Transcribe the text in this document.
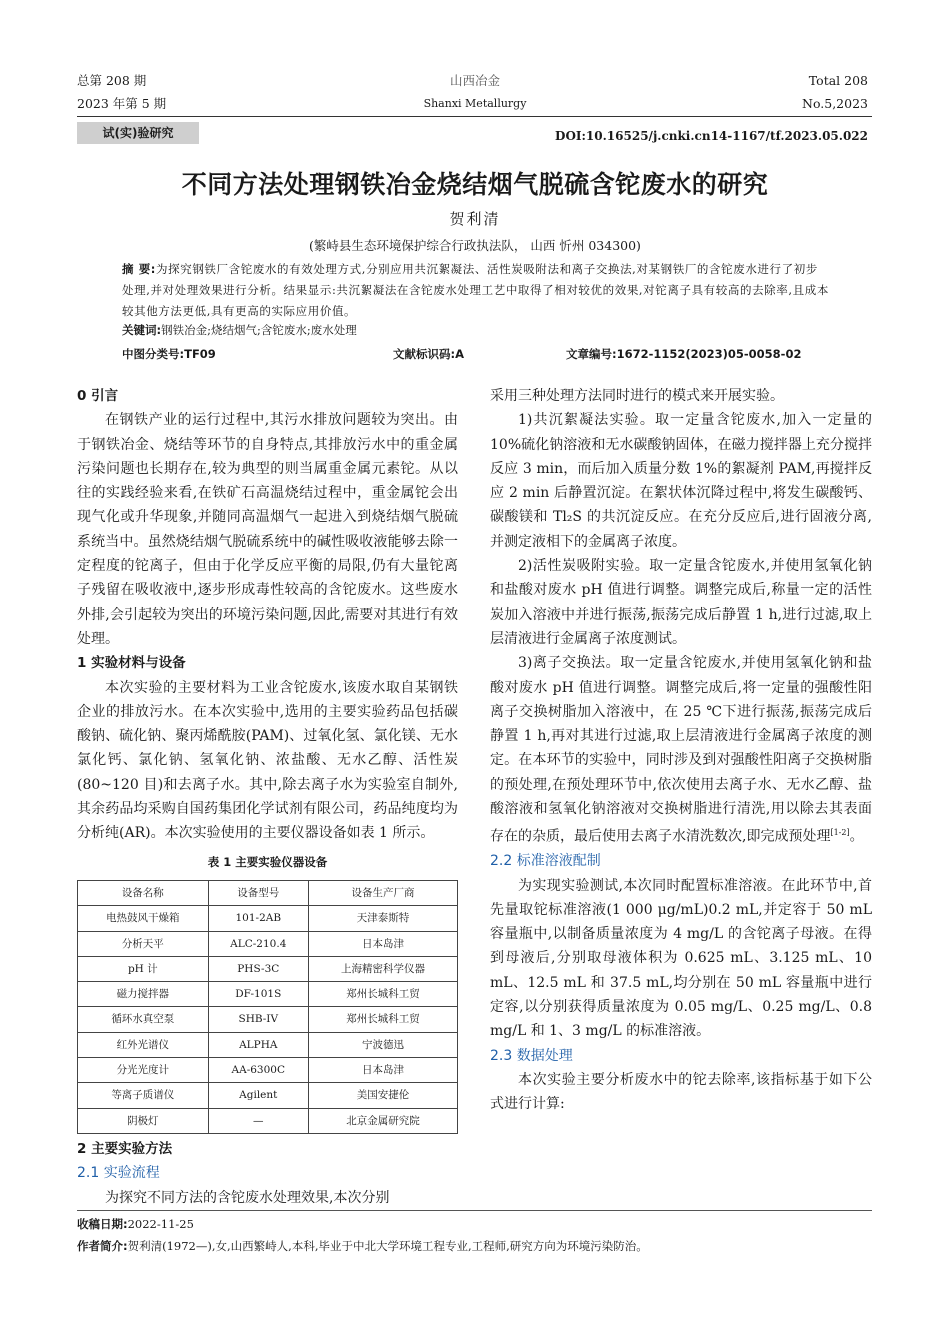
总第 208 期
2023 年第 5 期
山西冶金
Shanxi Metallurgy
Total 208
No.5,2023
试(实)验研究	DOI:10.16525/j.cnki.cn14-1167/tf.2023.05.022
不同方法处理钢铁冶金烧结烟气脱硫含铊废水的研究
贺利清
(繁峙县生态环境保护综合行政执法队， 山西 忻州 034300)
摘 要:为探究钢铁厂含铊废水的有效处理方式,分别应用共沉絮凝法、活性炭吸附法和离子交换法,对某钢铁厂的含铊废水进行了初步处理,并对处理效果进行分析。结果显示:共沉絮凝法在含铊废水处理工艺中取得了相对较优的效果,对铊离子具有较高的去除率,且成本较其他方法更低,具有更高的实际应用价值。
关键词:钢铁冶金;烧结烟气;含铊废水;废水处理
中图分类号:TF09	文献标识码:A	文章编号:1672-1152(2023)05-0058-02

0 引言

在钢铁产业的运行过程中,其污水排放问题较为突出。由于钢铁冶金、烧结等环节的自身特点,其排放污水中的重金属污染问题也长期存在,较为典型的则当属重金属元素铊。从以往的实践经验来看,在铁矿石高温烧结过程中，重金属铊会出现气化或升华现象,并随同高温烟气一起进入到烧结烟气脱硫系统当中。虽然烧结烟气脱硫系统中的碱性吸收液能够去除一定程度的铊离子，但由于化学反应平衡的局限,仍有大量铊离子残留在吸收液中,逐步形成毒性较高的含铊废水。这些废水外排,会引起较为突出的环境污染问题,因此,需要对其进行有效处理。

1 实验材料与设备

本次实验的主要材料为工业含铊废水,该废水取自某钢铁企业的排放污水。在本次实验中,选用的主要实验药品包括碳酸钠、硫化钠、聚丙烯酰胺(PAM)、过氧化氢、氯化镁、无水氯化钙、氯化钠、氢氧化钠、浓盐酸、无水乙醇、活性炭(80~120 目)和去离子水。其中,除去离子水为实验室自制外,其余药品均采购自国药集团化学试剂有限公司，药品纯度均为分析纯(AR)。本次实验使用的主要仪器设备如表 1 所示。

表 1 主要实验仪器设备
设备名称	设备型号	设备生产厂商
电热鼓风干燥箱	101-2AB	天津泰斯特
分析天平	ALC-210.4	日本岛津
pH 计	PHS-3C	上海精密科学仪器
磁力搅拌器	DF-101S	郑州长城科工贸
循环水真空泵	SHB-IV	郑州长城科工贸
红外光谱仪	ALPHA	宁波德迅
分光光度计	AA-6300C	日本岛津
等离子质谱仪	Agilent	美国安捷伦
阴极灯	—	北京金属研究院

2 主要实验方法

2.1 实验流程

为探究不同方法的含铊废水处理效果,本次分别

采用三种处理方法同时进行的模式来开展实验。

1)共沉絮凝法实验。取一定量含铊废水,加入一定量的 10%硫化钠溶液和无水碳酸钠固体，在磁力搅拌器上充分搅拌反应 3 min，而后加入质量分数 1%的絮凝剂 PAM,再搅拌反应 2 min 后静置沉淀。在絮状体沉降过程中,将发生碳酸钙、碳酸镁和 Tl₂S 的共沉淀反应。在充分反应后,进行固液分离,并测定液相下的金属离子浓度。

2)活性炭吸附实验。取一定量含铊废水,并使用氢氧化钠和盐酸对废水 pH 值进行调整。调整完成后,称量一定的活性炭加入溶液中并进行振荡,振荡完成后静置 1 h,进行过滤,取上层清液进行金属离子浓度测试。

3)离子交换法。取一定量含铊废水,并使用氢氧化钠和盐酸对废水 pH 值进行调整。调整完成后,将一定量的强酸性阳离子交换树脂加入溶液中，在 25 ℃下进行振荡,振荡完成后静置 1 h,再对其进行过滤,取上层清液进行金属离子浓度的测定。在本环节的实验中，同时涉及到对强酸性阳离子交换树脂的预处理,在预处理环节中,依次使用去离子水、无水乙醇、盐酸溶液和氢氧化钠溶液对交换树脂进行清洗,用以除去其表面存在的杂质，最后使用去离子水清洗数次,即完成预处理[1-2]。

2.2 标准溶液配制

为实现实验测试,本次同时配置标准溶液。在此环节中,首先量取铊标准溶液(1 000 μg/mL)0.2 mL,并定容于 50 mL 容量瓶中,以制备质量浓度为 4 mg/L 的含铊离子母液。在得到母液后,分别取母液体积为 0.625 mL、3.125 mL、10 mL、12.5 mL 和 37.5 mL,均分别在 50 mL 容量瓶中进行定容,以分别获得质量浓度为 0.05 mg/L、0.25 mg/L、0.8 mg/L 和 1、3 mg/L 的标准溶液。

2.3 数据处理

本次实验主要分析废水中的铊去除率,该指标基于如下公式进行计算:

收稿日期:2022-11-25
作者简介:贺利清(1972—),女,山西繁峙人,本科,毕业于中北大学环境工程专业,工程师,研究方向为环境污染防治。
